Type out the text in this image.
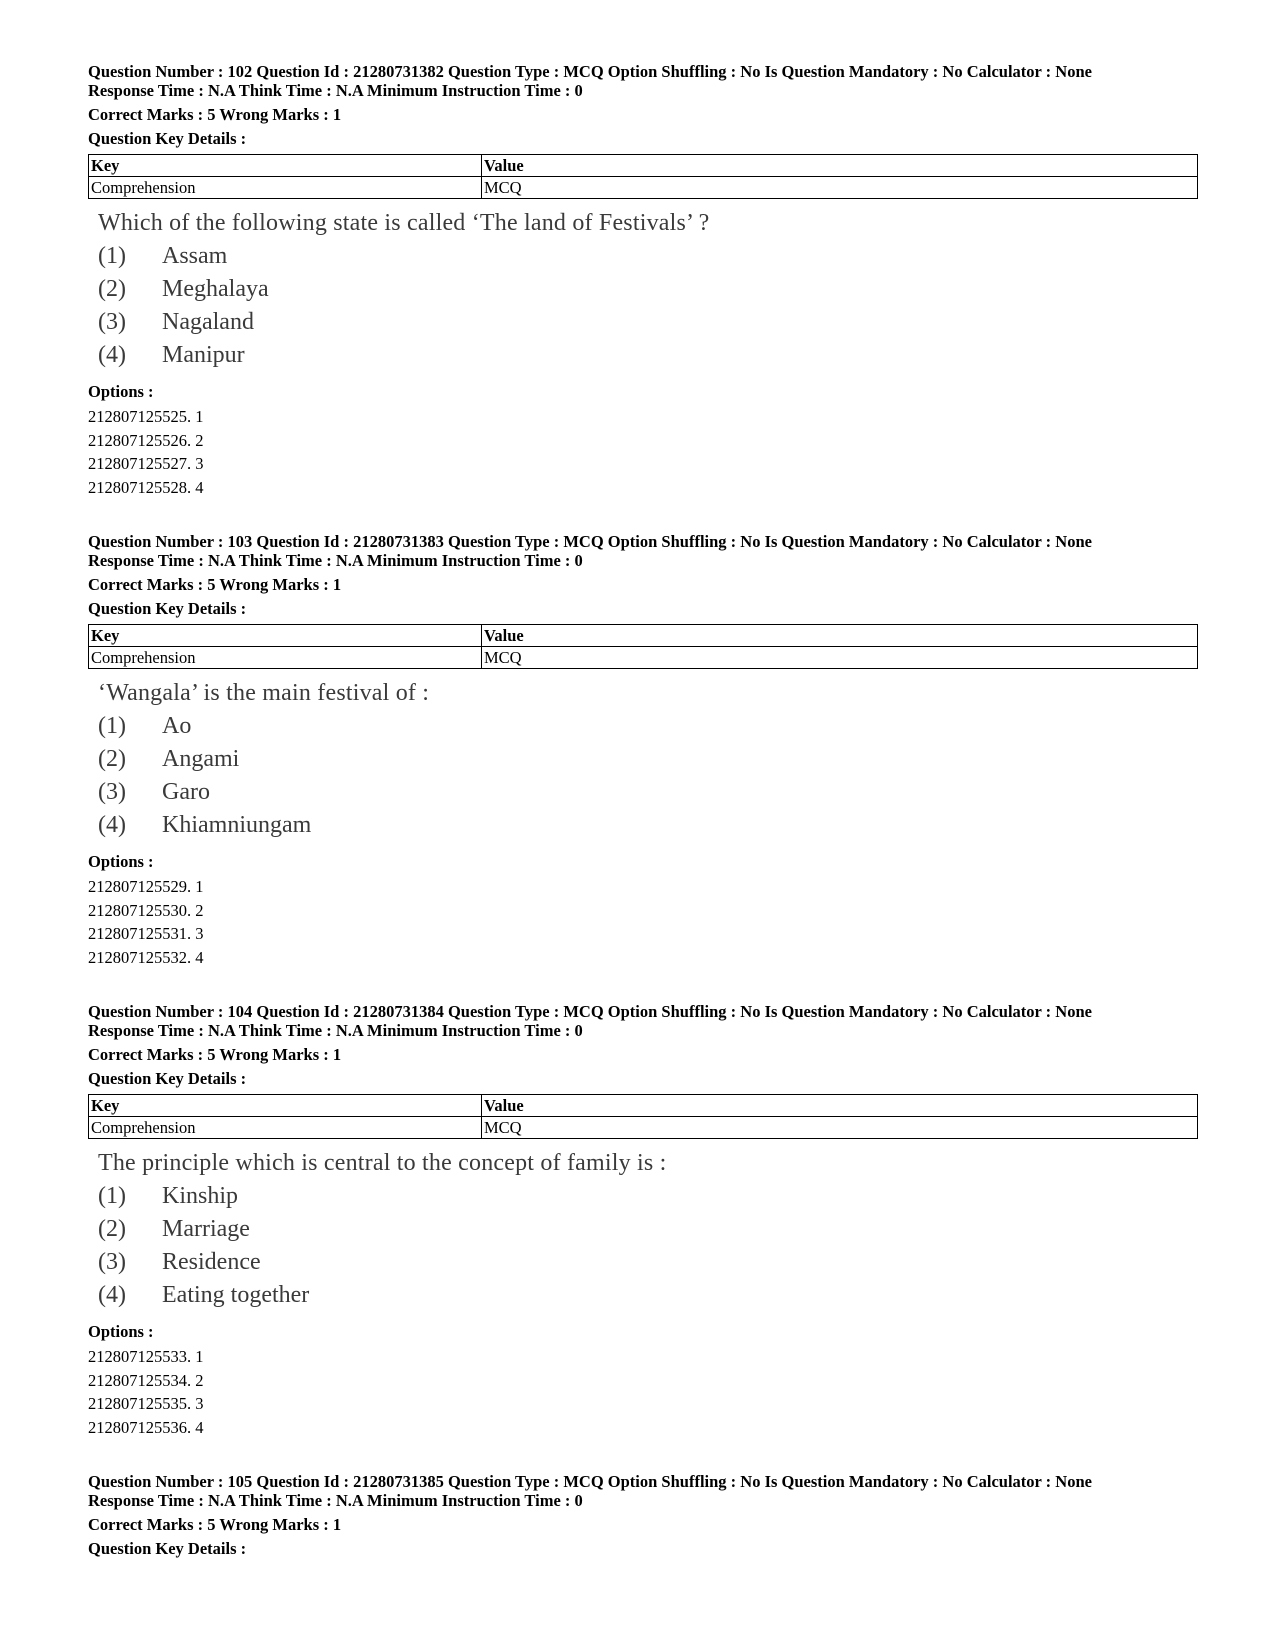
Question Number : 102 Question Id : 21280731382 Question Type : MCQ Option Shuffling : No Is Question Mandatory : No Calculator : None
Response Time : N.A Think Time : N.A Minimum Instruction Time : 0
Correct Marks : 5 Wrong Marks : 1
Question Key Details :
Key	Value
Comprehension	MCQ
Which of the following state is called ‘The land of Festivals’ ?
(1)	Assam
(2)	Meghalaya
(3)	Nagaland
(4)	Manipur
Options :
212807125525. 1
212807125526. 2
212807125527. 3
212807125528. 4
Question Number : 103 Question Id : 21280731383 Question Type : MCQ Option Shuffling : No Is Question Mandatory : No Calculator : None
Response Time : N.A Think Time : N.A Minimum Instruction Time : 0
Correct Marks : 5 Wrong Marks : 1
Question Key Details :
Key	Value
Comprehension	MCQ
‘Wangala’ is the main festival of :
(1)	Ao
(2)	Angami
(3)	Garo
(4)	Khiamniungam
Options :
212807125529. 1
212807125530. 2
212807125531. 3
212807125532. 4
Question Number : 104 Question Id : 21280731384 Question Type : MCQ Option Shuffling : No Is Question Mandatory : No Calculator : None
Response Time : N.A Think Time : N.A Minimum Instruction Time : 0
Correct Marks : 5 Wrong Marks : 1
Question Key Details :
Key	Value
Comprehension	MCQ
The principle which is central to the concept of family is :
(1)	Kinship
(2)	Marriage
(3)	Residence
(4)	Eating together
Options :
212807125533. 1
212807125534. 2
212807125535. 3
212807125536. 4
Question Number : 105 Question Id : 21280731385 Question Type : MCQ Option Shuffling : No Is Question Mandatory : No Calculator : None
Response Time : N.A Think Time : N.A Minimum Instruction Time : 0
Correct Marks : 5 Wrong Marks : 1
Question Key Details :
